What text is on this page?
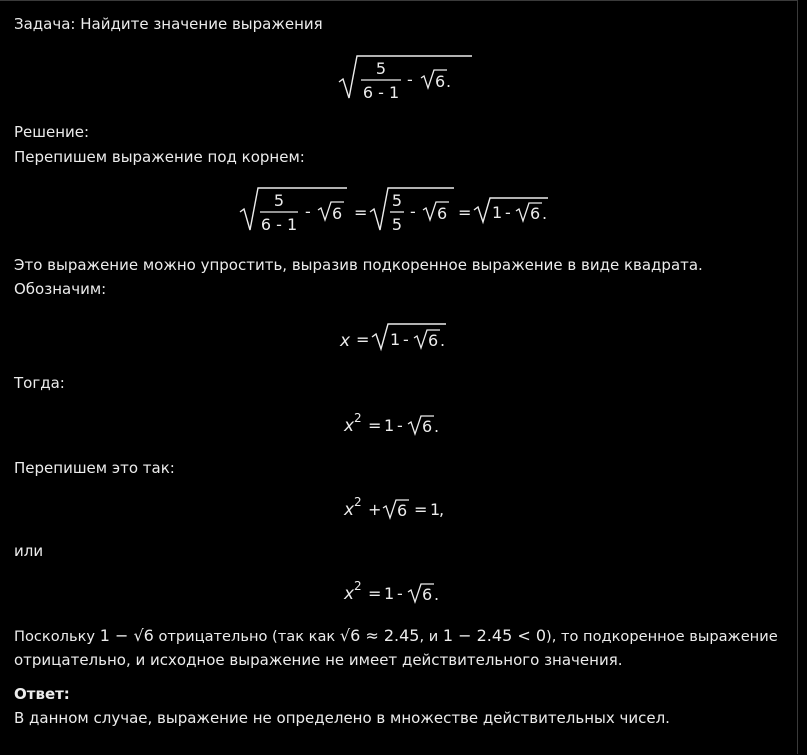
Задача: Найдите значение выражения
5
6 - 1
- 6 .
Решение:
Перепишем выражение под корнем:
5
6 - 1
- 6 =
5
5
- 6 = 1 - 6 .
Это выражение можно упростить, выразив подкоренное выражение в виде квадрата.
Обозначим:
x = 1 - 6 .
Тогда:
x 2 = 1 - 6 .
Перепишем это так:
x 2 + 6 = 1
,
или
x 2 = 1 - 6 .
Поскольку 1 − √6 отрицательно (так как √6 ≈ 2.45, и 1 − 2.45 < 0), то подкоренное выражение
отрицательно, и исходное выражение не имеет действительного значения.
Ответ:
В данном случае, выражение не определено в множестве действительных чисел.
